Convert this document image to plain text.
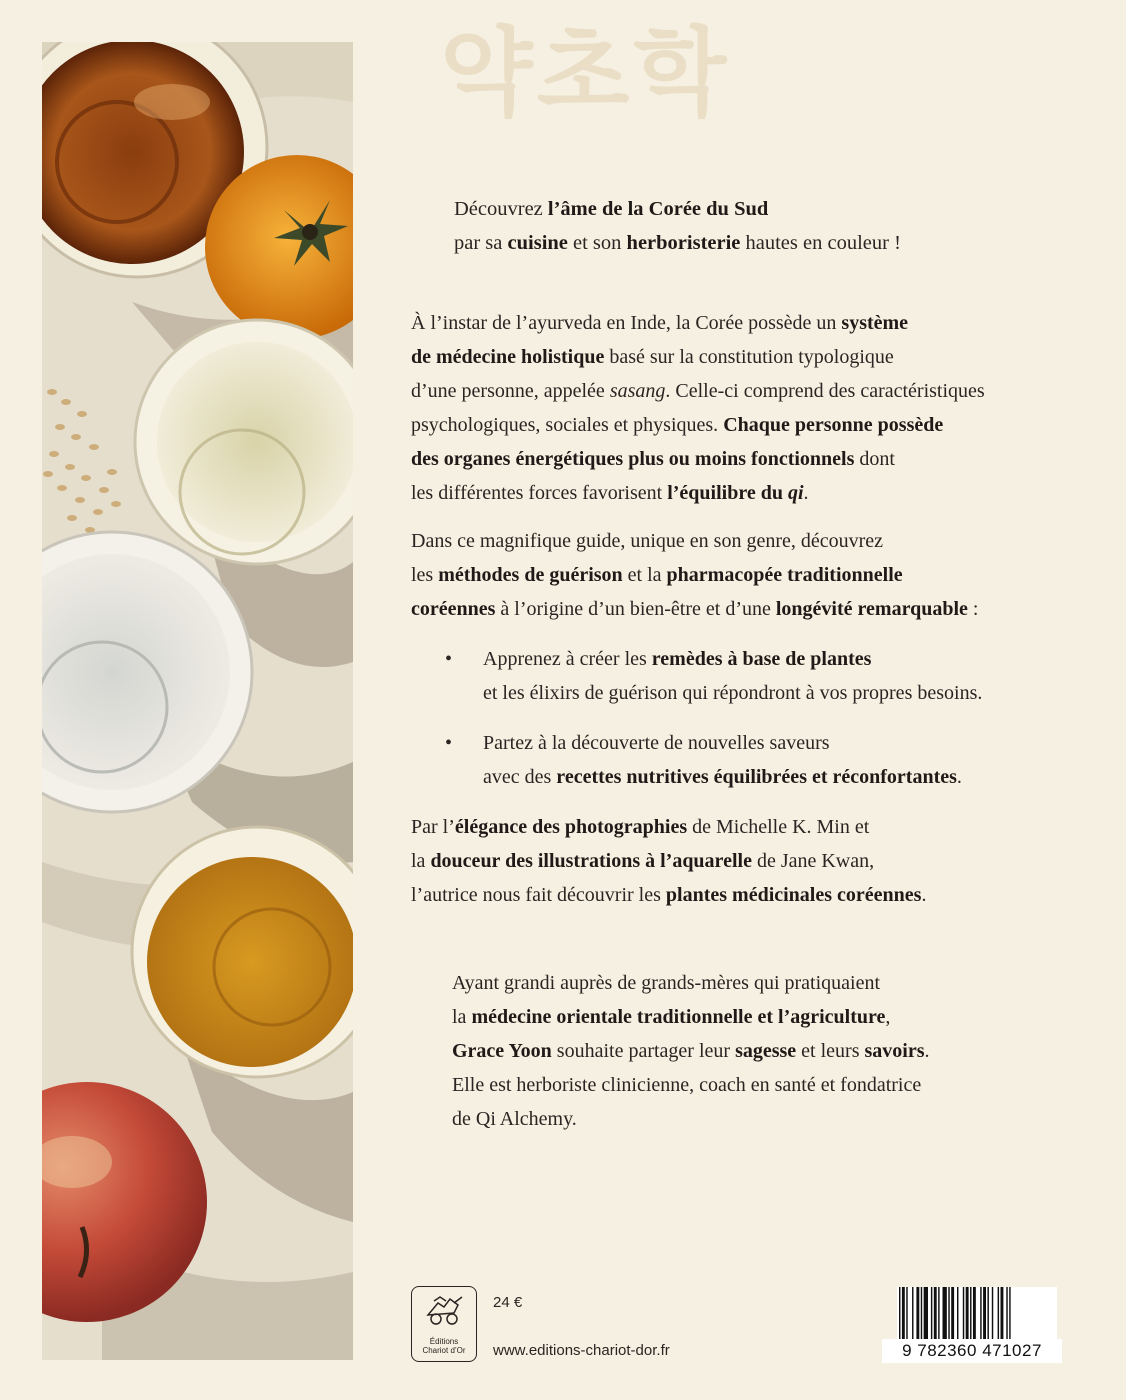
약초학

Découvrez l’âme de la Corée du Sud

par sa cuisine et son herboristerie hautes en couleur !

À l’instar de l’ayurveda en Inde, la Corée possède un système
de médecine holistique basé sur la constitution typologique
d’une personne, appelée sasang. Celle-ci comprend des caractéristiques
psychologiques, sociales et physiques. Chaque personne possède
des organes énergétiques plus ou moins fonctionnels dont
les différentes forces favorisent l’équilibre du qi.

Dans ce magnifique guide, unique en son genre, découvrez
les méthodes de guérison et la pharmacopée traditionnelle
coréennes à l’origine d’un bien-être et d’une longévité remarquable :

• Apprenez à créer les remèdes à base de plantes
et les élixirs de guérison qui répondront à vos propres besoins.

• Partez à la découverte de nouvelles saveurs
avec des recettes nutritives équilibrées et réconfortantes.

Par l’élégance des photographies de Michelle K. Min et
la douceur des illustrations à l’aquarelle de Jane Kwan,
l’autrice nous fait découvrir les plantes médicinales coréennes.

Ayant grandi auprès de grands-mères qui pratiquaient
la médecine orientale traditionnelle et l’agriculture,
Grace Yoon souhaite partager leur sagesse et leurs savoirs.
Elle est herboriste clinicienne, coach en santé et fondatrice
de Qi Alchemy.

Éditions
Chariot d’Or
24 €
www.editions-chariot-dor.fr	9 782360 471027
